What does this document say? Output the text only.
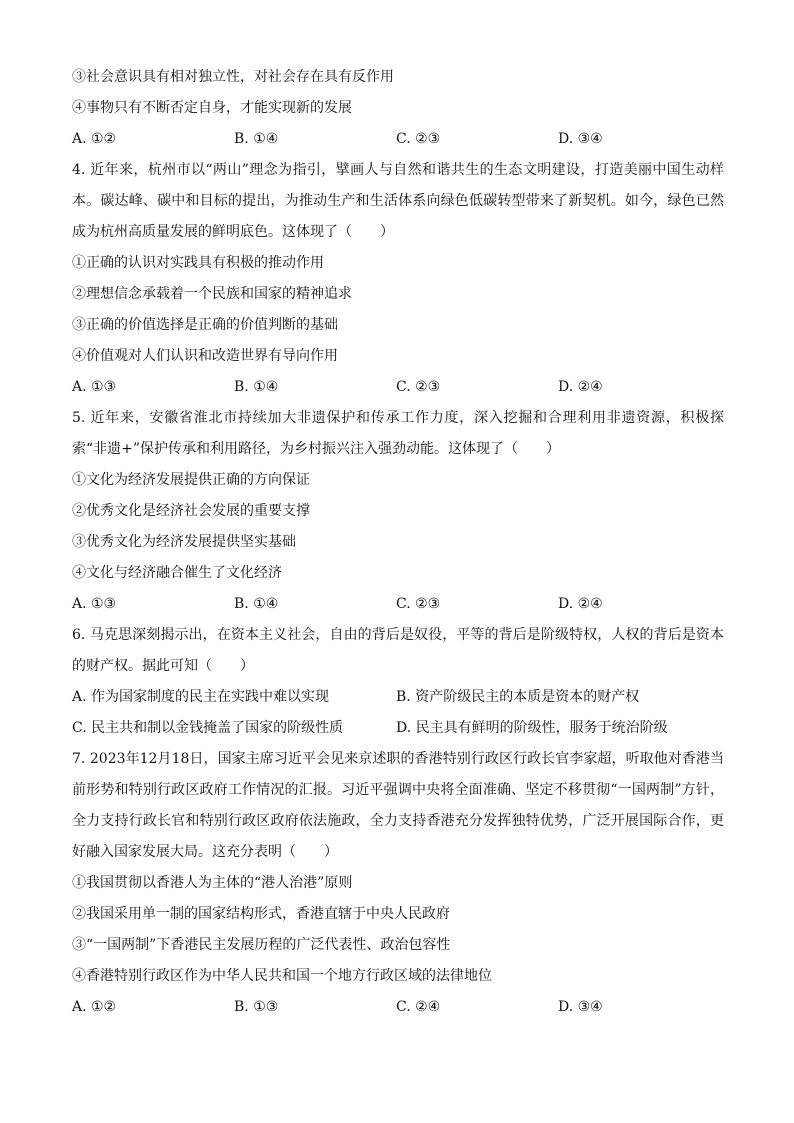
③社会意识具有相对独立性，对社会存在具有反作用
④事物只有不断否定自身，才能实现新的发展
A. ①②	B. ①④	C. ②③	D. ③④
4. 近年来，杭州市以“两山”理念为指引，擘画人与自然和谐共生的生态文明建设，打造美丽中国生动样本。碳达峰、碳中和目标的提出，为推动生产和生活体系向绿色低碳转型带来了新契机。如今，绿色已然成为杭州高质量发展的鲜明底色。这体现了（　　）
①正确的认识对实践具有积极的推动作用
②理想信念承载着一个民族和国家的精神追求
③正确的价值选择是正确的价值判断的基础
④价值观对人们认识和改造世界有导向作用
A. ①③	B. ①④	C. ②③	D. ②④
5. 近年来，安徽省淮北市持续加大非遗保护和传承工作力度，深入挖掘和合理利用非遗资源，积极探索“非遗+”保护传承和利用路径，为乡村振兴注入强劲动能。这体现了（　　）
①文化为经济发展提供正确的方向保证
②优秀文化是经济社会发展的重要支撑
③优秀文化为经济发展提供坚实基础
④文化与经济融合催生了文化经济
A. ①③	B. ①④	C. ②③	D. ②④
6. 马克思深刻揭示出，在资本主义社会，自由的背后是奴役，平等的背后是阶级特权，人权的背后是资本的财产权。据此可知（　　）
A. 作为国家制度的民主在实践中难以实现	B. 资产阶级民主的本质是资本的财产权
C. 民主共和制以金钱掩盖了国家的阶级性质	D. 民主具有鲜明的阶级性，服务于统治阶级
7. 2023年12月18日，国家主席习近平会见来京述职的香港特别行政区行政长官李家超，听取他对香港当前形势和特别行政区政府工作情况的汇报。习近平强调中央将全面准确、坚定不移贯彻“一国两制”方针，全力支持行政长官和特别行政区政府依法施政，全力支持香港充分发挥独特优势，广泛开展国际合作，更好融入国家发展大局。这充分表明（　　）
①我国贯彻以香港人为主体的“港人治港”原则
②我国采用单一制的国家结构形式，香港直辖于中央人民政府
③“一国两制”下香港民主发展历程的广泛代表性、政治包容性
④香港特别行政区作为中华人民共和国一个地方行政区域的法律地位
A. ①②	B. ①③	C. ②④	D. ③④
